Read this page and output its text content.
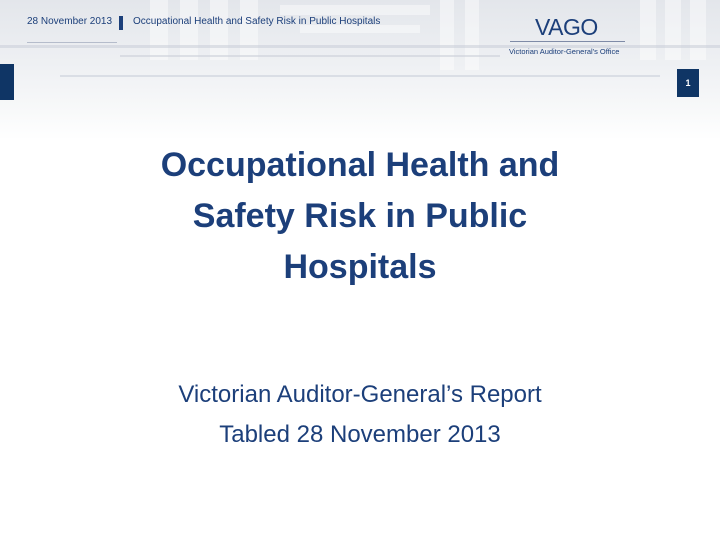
28 November 2013 Occupational Health and Safety Risk in Public Hospitals	VAGO
Victorian Auditor-General's Office
1
Occupational Health and
Safety Risk in Public
Hospitals
Victorian Auditor-General’s Report
Tabled 28 November 2013
